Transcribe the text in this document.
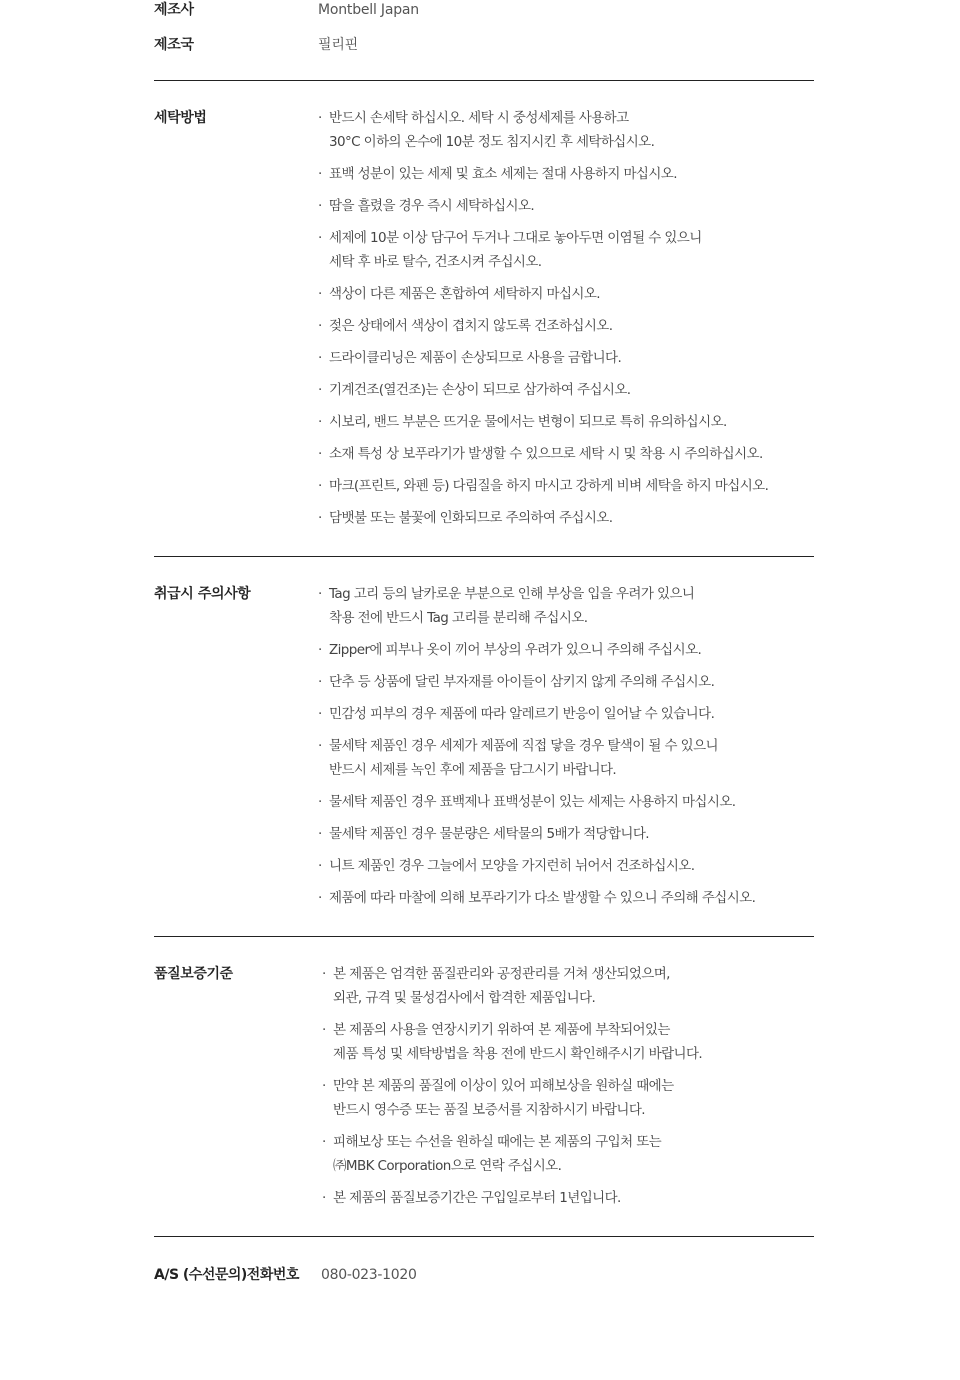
제조사	Montbell Japan
제조국	필리핀
세탁방법	· 반드시 손세탁 하십시오. 세탁 시 중성세제를 사용하고
30°C 이하의 온수에 10분 정도 침지시킨 후 세탁하십시오.
· 표백 성분이 있는 세제 및 효소 세제는 절대 사용하지 마십시오.
· 땀을 흘렸을 경우 즉시 세탁하십시오.
· 세제에 10분 이상 담구어 두거나 그대로 놓아두면 이염될 수 있으니
세탁 후 바로 탈수, 건조시켜 주십시오.
· 색상이 다른 제품은 혼합하여 세탁하지 마십시오.
· 젖은 상태에서 색상이 겹치지 않도록 건조하십시오.
· 드라이클리닝은 제품이 손상되므로 사용을 금합니다.
· 기계건조(열건조)는 손상이 되므로 삼가하여 주십시오.
· 시보리, 밴드 부분은 뜨거운 물에서는 변형이 되므로 특히 유의하십시오.
· 소재 특성 상 보푸라기가 발생할 수 있으므로 세탁 시 및 착용 시 주의하십시오.
· 마크(프린트, 와펜 등) 다림질을 하지 마시고 강하게 비벼 세탁을 하지 마십시오.
· 담뱃불 또는 불꽃에 인화되므로 주의하여 주십시오.
취급시 주의사항	· Tag 고리 등의 날카로운 부분으로 인해 부상을 입을 우려가 있으니
착용 전에 반드시 Tag 고리를 분리해 주십시오.
· Zipper에 피부나 옷이 끼어 부상의 우려가 있으니 주의해 주십시오.
· 단추 등 상품에 달린 부자재를 아이들이 삼키지 않게 주의해 주십시오.
· 민감성 피부의 경우 제품에 따라 알레르기 반응이 일어날 수 있습니다.
· 물세탁 제품인 경우 세제가 제품에 직접 닿을 경우 탈색이 될 수 있으니
반드시 세제를 녹인 후에 제품을 담그시기 바랍니다.
· 물세탁 제품인 경우 표백제나 표백성분이 있는 세제는 사용하지 마십시오.
· 물세탁 제품인 경우 물분량은 세탁물의 5배가 적당합니다.
· 니트 제품인 경우 그늘에서 모양을 가지런히 뉘어서 건조하십시오.
· 제품에 따라 마찰에 의해 보푸라기가 다소 발생할 수 있으니 주의해 주십시오.
품질보증기준	· 본 제품은 엄격한 품질관리와 공정관리를 거쳐 생산되었으며,
외관, 규격 및 물성검사에서 합격한 제품입니다.
· 본 제품의 사용을 연장시키기 위하여 본 제품에 부착되어있는
제품 특성 및 세탁방법을 착용 전에 반드시 확인해주시기 바랍니다.
· 만약 본 제품의 품질에 이상이 있어 피해보상을 원하실 때에는
반드시 영수증 또는 품질 보증서를 지참하시기 바랍니다.
· 피해보상 또는 수선을 원하실 때에는 본 제품의 구입처 또는
㈜MBK Corporation으로 연락 주십시오.
· 본 제품의 품질보증기간은 구입일로부터 1년입니다.
A/S (수선문의)전화번호 080-023-1020
